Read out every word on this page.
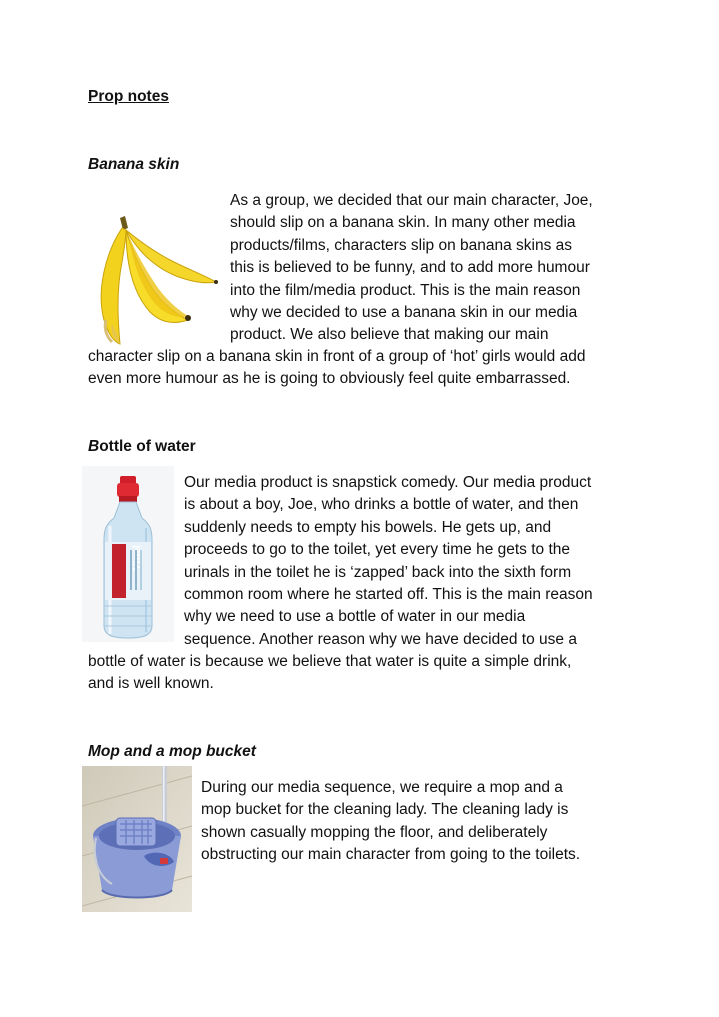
Prop notes
Banana skin
As a group, we decided that our main character, Joe,
should slip on a banana skin. In many other media
products/films, characters slip on banana skins as
this is believed to be funny, and to add more humour
into the film/media product. This is the main reason
why we decided to use a banana skin in our media
product. We also believe that making our main
character slip on a banana skin in front of a group of ‘hot’ girls would add
even more humour as he is going to obviously feel quite embarrassed.
Bottle of water
Our media product is snapstick comedy. Our media product
is about a boy, Joe, who drinks a bottle of water, and then
suddenly needs to empty his bowels. He gets up, and
proceeds to go to the toilet, yet every time he gets to the
urinals in the toilet he is ‘zapped’ back into the sixth form
common room where he started off. This is the main reason
why we need to use a bottle of water in our media
sequence. Another reason why we have decided to use a
bottle of water is because we believe that water is quite a simple drink,
and is well known.
Mop and a mop bucket
During our media sequence, we require a mop and a
mop bucket for the cleaning lady. The cleaning lady is
shown casually mopping the floor, and deliberately
obstructing our main character from going to the toilets.
